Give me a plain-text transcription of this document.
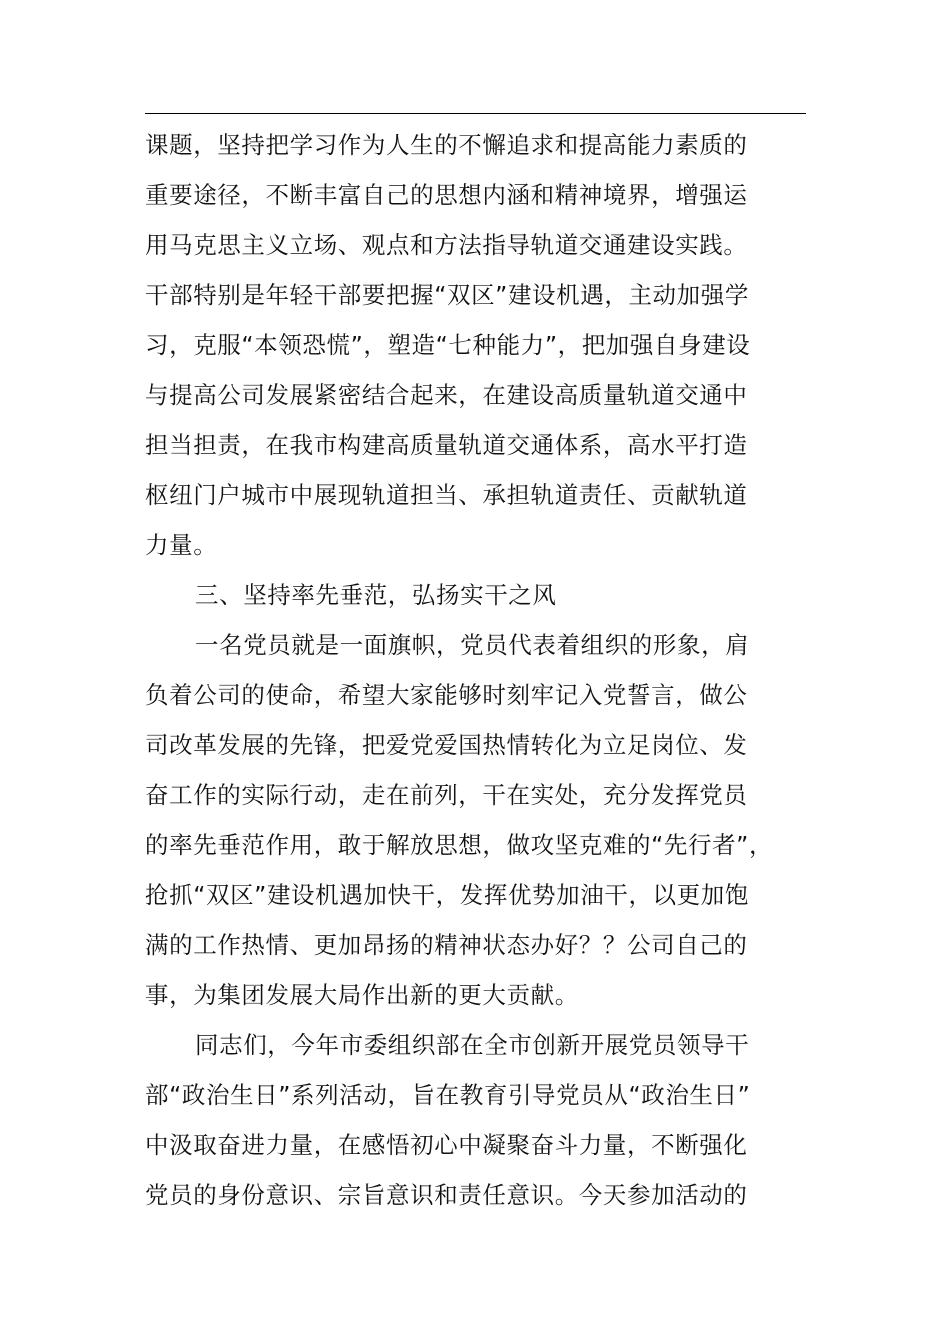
课题，坚持把学习作为人生的不懈追求和提高能力素质的
重要途径，不断丰富自己的思想内涵和精神境界，增强运
用马克思主义立场、观点和方法指导轨道交通建设实践。
干部特别是年轻干部要把握“双区”建设机遇，主动加强学
习，克服“本领恐慌”，塑造“七种能力”，把加强自身建设
与提高公司发展紧密结合起来，在建设高质量轨道交通中
担当担责，在我市构建高质量轨道交通体系，高水平打造
枢纽门户城市中展现轨道担当、承担轨道责任、贡献轨道
力量。
三、坚持率先垂范，弘扬实干之风
一名党员就是一面旗帜，党员代表着组织的形象，肩
负着公司的使命，希望大家能够时刻牢记入党誓言，做公
司改革发展的先锋，把爱党爱国热情转化为立足岗位、发
奋工作的实际行动，走在前列，干在实处，充分发挥党员
的率先垂范作用，敢于解放思想，做攻坚克难的“先行者”，
抢抓“双区”建设机遇加快干，发挥优势加油干，以更加饱
满的工作热情、更加昂扬的精神状态办好？？公司自己的
事，为集团发展大局作出新的更大贡献。
同志们，今年市委组织部在全市创新开展党员领导干
部“政治生日”系列活动，旨在教育引导党员从“政治生日”
中汲取奋进力量，在感悟初心中凝聚奋斗力量，不断强化
党员的身份意识、宗旨意识和责任意识。今天参加活动的
